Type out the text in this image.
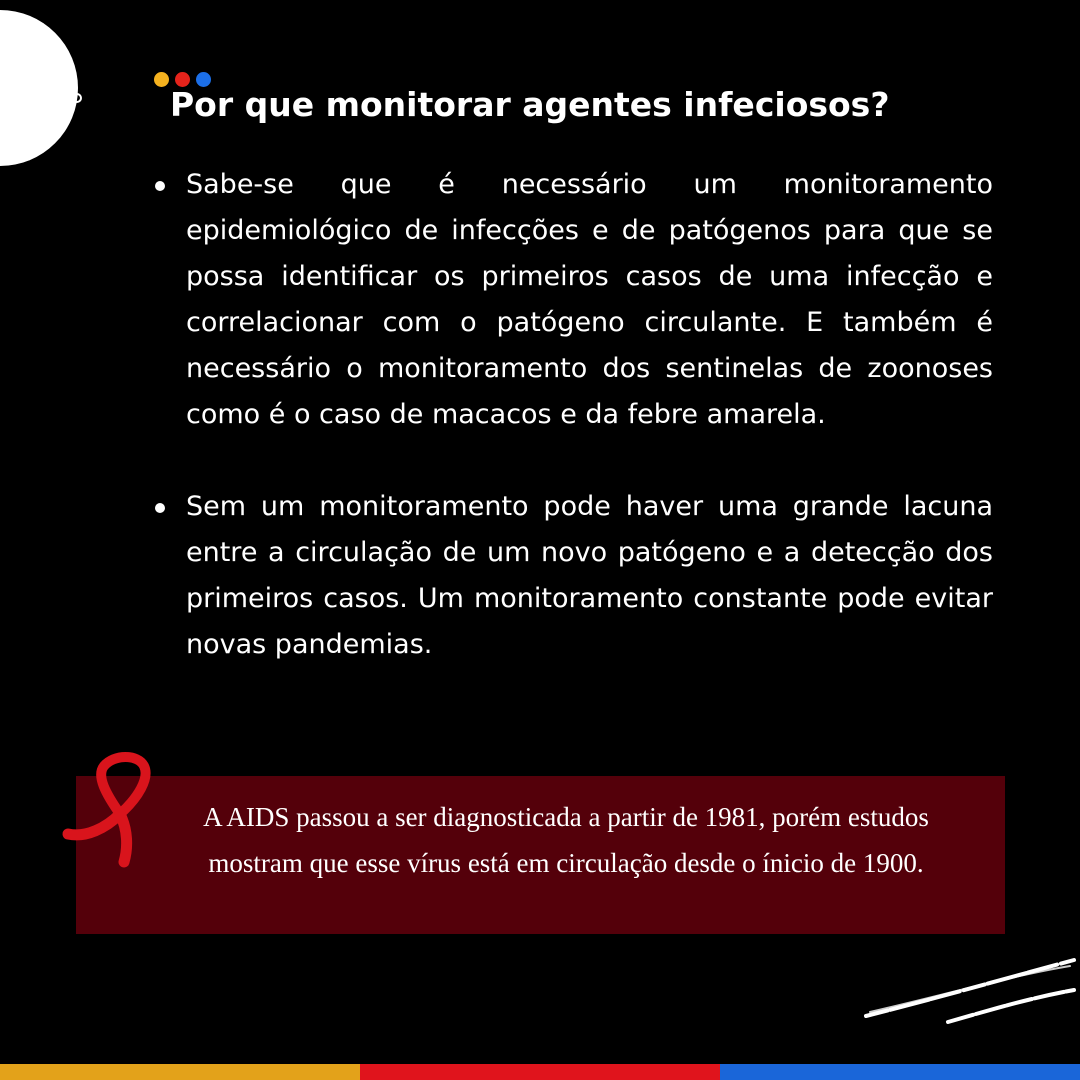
Por que monitorar agentes infeciosos?
Sabe-se que é necessário um monitoramento epidemiológico de infecções e de patógenos para que se possa identificar os primeiros casos de uma infecção e correlacionar com o patógeno circulante. E também é necessário o monitoramento dos sentinelas de zoonoses como é o caso de macacos e da febre amarela.
Sem um monitoramento pode haver uma grande lacuna entre a circulação de um novo patógeno e a detecção dos primeiros casos. Um monitoramento constante pode evitar novas pandemias.

A AIDS passou a ser diagnosticada a partir de 1981, porém estudos mostram que esse vírus está em circulação desde o ínicio de 1900.
